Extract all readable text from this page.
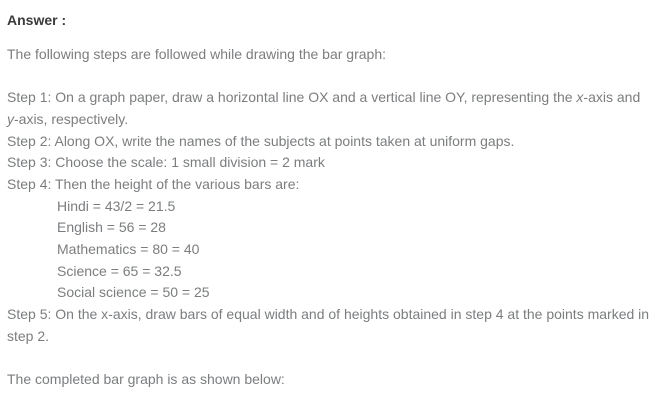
Answer :

The following steps are followed while drawing the bar graph:

Step 1: On a graph paper, draw a horizontal line OX and a vertical line OY, representing the x-axis and y-axis, respectively.
Step 2: Along OX, write the names of the subjects at points taken at uniform gaps.
Step 3: Choose the scale: 1 small division = 2 mark
Step 4: Then the height of the various bars are:
Hindi = 43/2 = 21.5
English = 56 = 28
Mathematics = 80 = 40
Science = 65 = 32.5
Social science = 50 = 25
Step 5: On the x-axis, draw bars of equal width and of heights obtained in step 4 at the points marked in step 2.

The completed bar graph is as shown below:
